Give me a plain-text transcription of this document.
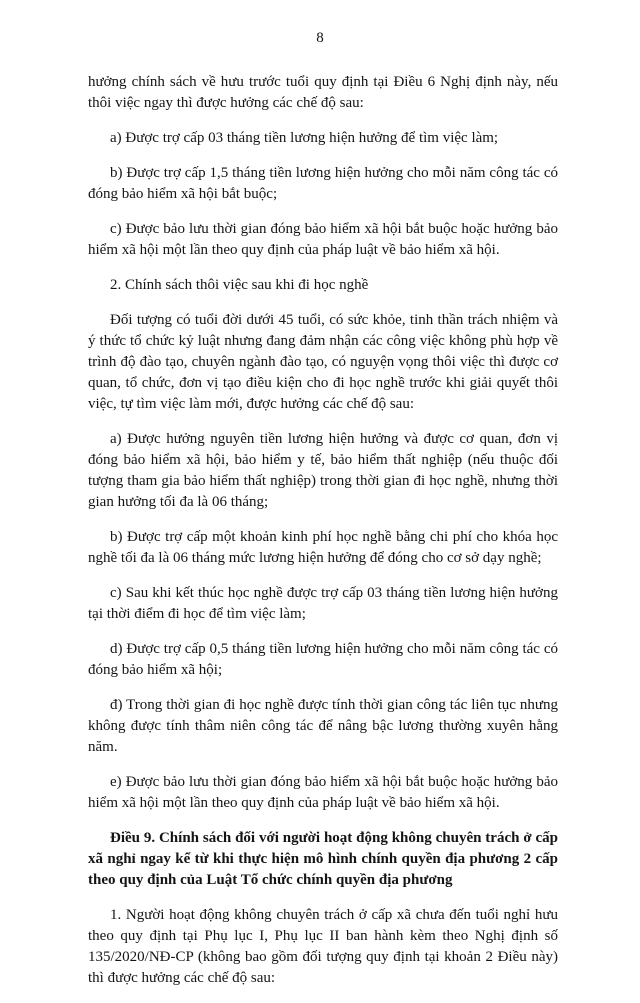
8

hưởng chính sách về hưu trước tuổi quy định tại Điều 6 Nghị định này, nếu thôi việc ngay thì được hưởng các chế độ sau:

a) Được trợ cấp 03 tháng tiền lương hiện hưởng để tìm việc làm;

b) Được trợ cấp 1,5 tháng tiền lương hiện hưởng cho mỗi năm công tác có đóng bảo hiểm xã hội bắt buộc;

c) Được bảo lưu thời gian đóng bảo hiểm xã hội bắt buộc hoặc hưởng bảo hiểm xã hội một lần theo quy định của pháp luật về bảo hiểm xã hội.

2. Chính sách thôi việc sau khi đi học nghề

Đối tượng có tuổi đời dưới 45 tuổi, có sức khỏe, tinh thần trách nhiệm và ý thức tổ chức kỷ luật nhưng đang đảm nhận các công việc không phù hợp về trình độ đào tạo, chuyên ngành đào tạo, có nguyện vọng thôi việc thì được cơ quan, tổ chức, đơn vị tạo điều kiện cho đi học nghề trước khi giải quyết thôi việc, tự tìm việc làm mới, được hưởng các chế độ sau:

a) Được hưởng nguyên tiền lương hiện hưởng và được cơ quan, đơn vị đóng bảo hiểm xã hội, bảo hiểm y tế, bảo hiểm thất nghiệp (nếu thuộc đối tượng tham gia bảo hiểm thất nghiệp) trong thời gian đi học nghề, nhưng thời gian hưởng tối đa là 06 tháng;

b) Được trợ cấp một khoản kinh phí học nghề bằng chi phí cho khóa học nghề tối đa là 06 tháng mức lương hiện hưởng để đóng cho cơ sở dạy nghề;

c) Sau khi kết thúc học nghề được trợ cấp 03 tháng tiền lương hiện hưởng tại thời điểm đi học để tìm việc làm;

d) Được trợ cấp 0,5 tháng tiền lương hiện hưởng cho mỗi năm công tác có đóng bảo hiểm xã hội;

đ) Trong thời gian đi học nghề được tính thời gian công tác liên tục nhưng không được tính thâm niên công tác để nâng bậc lương thường xuyên hằng năm.

e) Được bảo lưu thời gian đóng bảo hiểm xã hội bắt buộc hoặc hưởng bảo hiểm xã hội một lần theo quy định của pháp luật về bảo hiểm xã hội.

Điều 9. Chính sách đối với người hoạt động không chuyên trách ở cấp xã nghỉ ngay kể từ khi thực hiện mô hình chính quyền địa phương 2 cấp theo quy định của Luật Tổ chức chính quyền địa phương

1. Người hoạt động không chuyên trách ở cấp xã chưa đến tuổi nghỉ hưu theo quy định tại Phụ lục I, Phụ lục II ban hành kèm theo Nghị định số 135/2020/NĐ-CP (không bao gồm đối tượng quy định tại khoản 2 Điều này) thì được hưởng các chế độ sau:
